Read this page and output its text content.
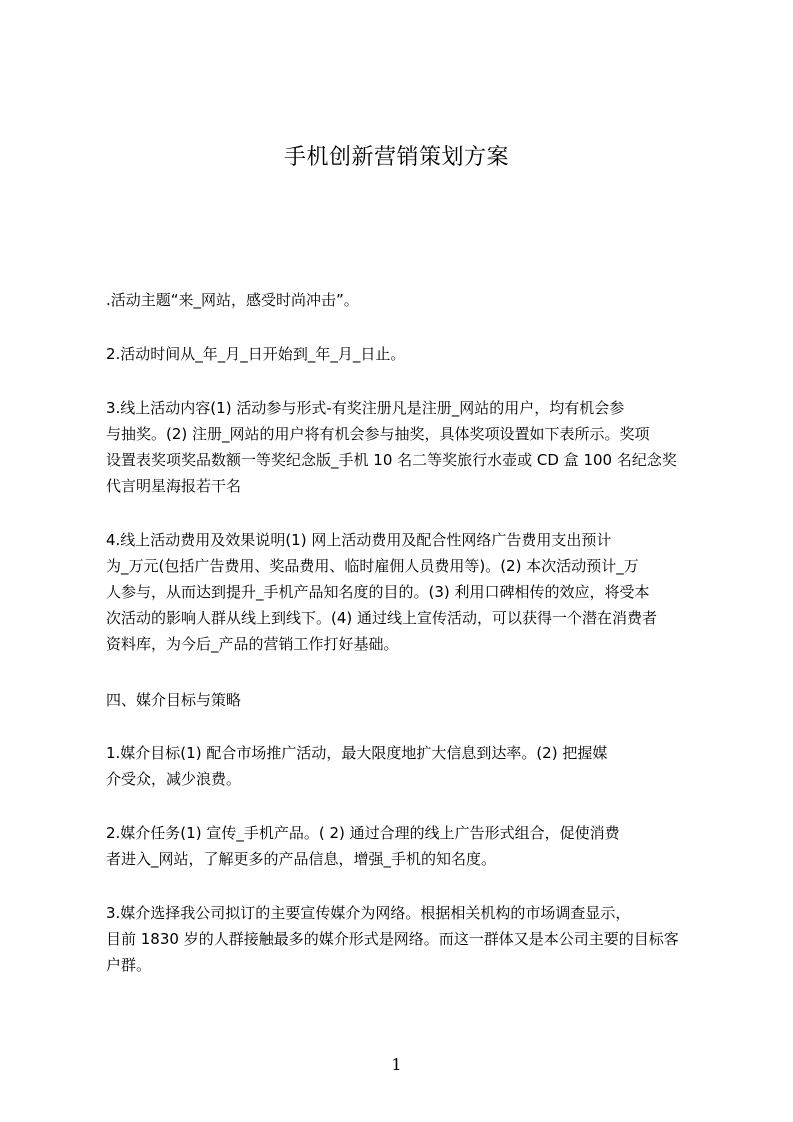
手机创新营销策划方案
.活动主题“来_网站，感受时尚冲击”。
2.活动时间从_年_月_日开始到_年_月_日止。
3.线上活动内容(1) 活动参与形式-有奖注册凡是注册_网站的用户，均有机会参
与抽奖。(2) 注册_网站的用户将有机会参与抽奖，具体奖项设置如下表所示。奖项
设置表奖项奖品数额一等奖纪念版_手机 10 名二等奖旅行水壶或 CD 盒 100 名纪念奖
代言明星海报若干名
4.线上活动费用及效果说明(1) 网上活动费用及配合性网络广告费用支出预计
为_万元(包括广告费用、奖品费用、临时雇佣人员费用等)。(2) 本次活动预计_万
人参与，从而达到提升_手机产品知名度的目的。(3) 利用口碑相传的效应，将受本
次活动的影响人群从线上到线下。(4) 通过线上宣传活动，可以获得一个潜在消费者
资料库，为今后_产品的营销工作打好基础。
四、媒介目标与策略
1.媒介目标(1) 配合市场推广活动，最大限度地扩大信息到达率。(2) 把握媒
介受众，减少浪费。
2.媒介任务(1) 宣传_手机产品。( 2) 通过合理的线上广告形式组合，促使消费
者进入_网站，了解更多的产品信息，增强_手机的知名度。
3.媒介选择我公司拟订的主要宣传媒介为网络。根据相关机构的市场调查显示，
目前 1830 岁的人群接触最多的媒介形式是网络。而这一群体又是本公司主要的目标客
户群。
1
